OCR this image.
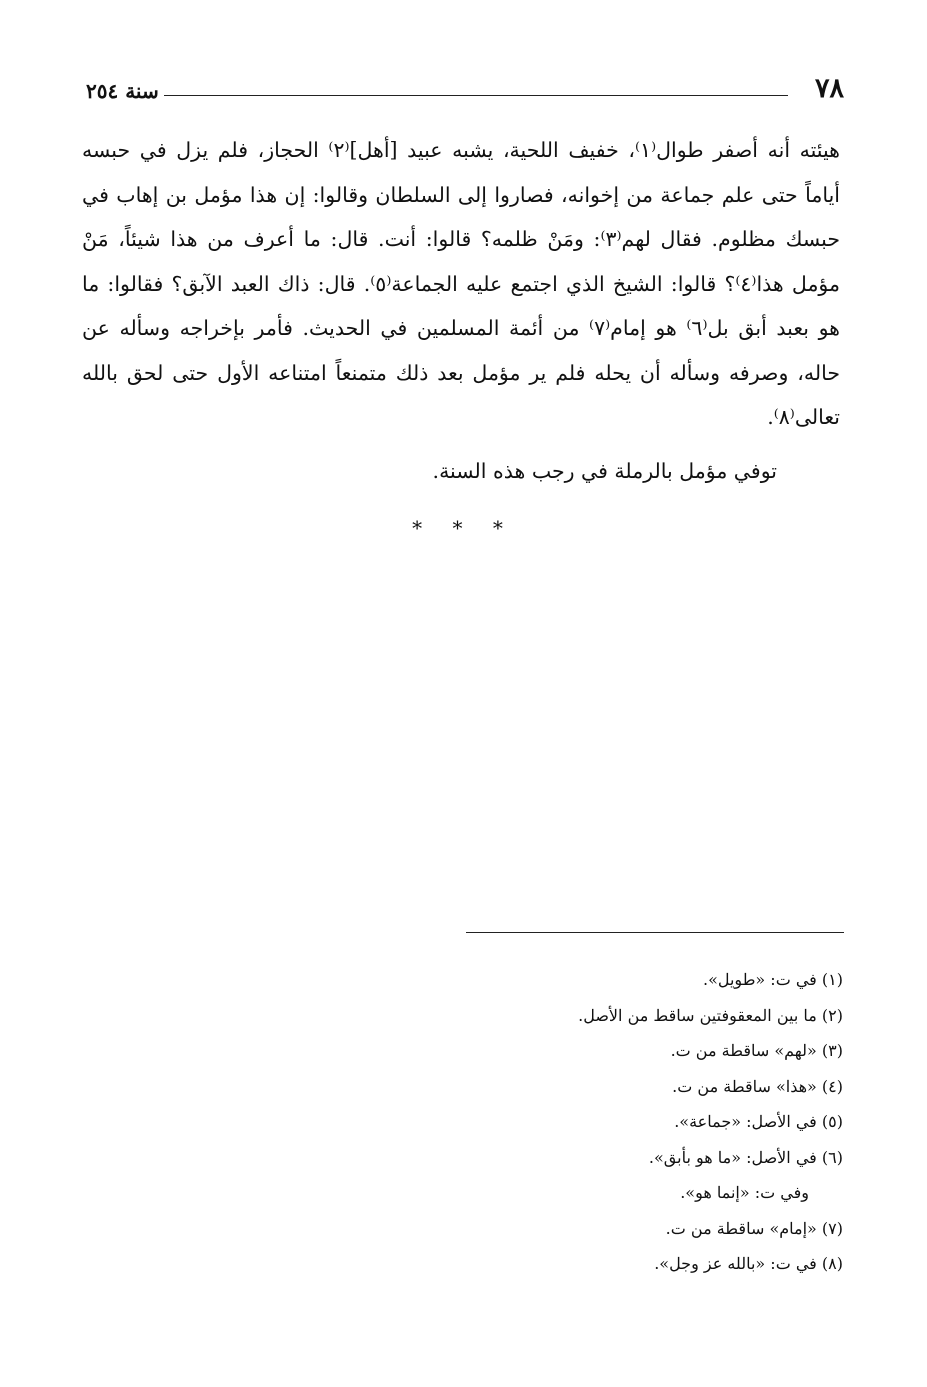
٧٨
سنة ٢٥٤

هيئته أنه أصفر طوال⁽١⁾، خفيف اللحية، يشبه عبيد [أهل]⁽٢⁾ الحجاز، فلم يزل في حبسه أياماً حتى علم جماعة من إخوانه، فصاروا إلى السلطان وقالوا: إن هذا مؤمل بن إهاب في حبسك مظلوم. فقال لهم⁽٣⁾: ومَنْ ظلمه؟ قالوا: أنت. قال: ما أعرف من هذا شيئاً، مَنْ مؤمل هذا⁽٤⁾؟ قالوا: الشيخ الذي اجتمع عليه الجماعة⁽٥⁾. قال: ذاك العبد الآبق؟ فقالوا: ما هو بعبد أبق بل⁽٦⁾ هو إمام⁽٧⁾ من أئمة المسلمين في الحديث. فأمر بإخراجه وسأله عن حاله، وصرفه وسأله أن يحله فلم ير مؤمل بعد ذلك متمنعاً امتناعه الأول حتى لحق بالله تعالى⁽٨⁾.

توفي مؤمل بالرملة في رجب هذه السنة.
* * *
(١) في ت: «طويل».
(٢) ما بين المعقوفتين ساقط من الأصل.
(٣) «لهم» ساقطة من ت.
(٤) «هذا» ساقطة من ت.
(٥) في الأصل: «جماعة».
(٦) في الأصل: «ما هو بأبق».
وفي ت: «إنما هو».
(٧) «إمام» ساقطة من ت.
(٨) في ت: «بالله عز وجل».
